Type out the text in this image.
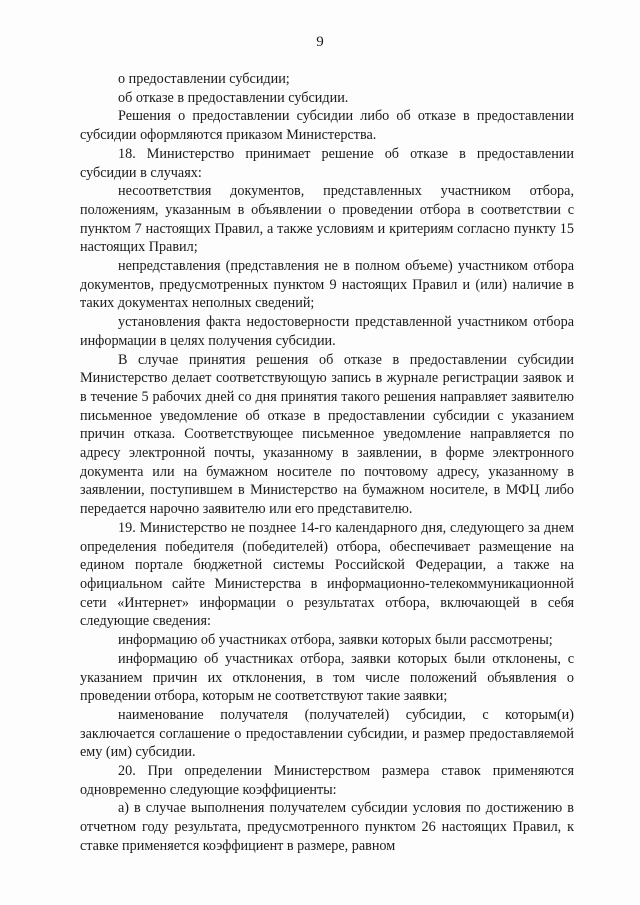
9

о предоставлении субсидии;

об отказе в предоставлении субсидии.

Решения о предоставлении субсидии либо об отказе в предоставлении субсидии оформляются приказом Министерства.

18. Министерство принимает решение об отказе в предоставлении субсидии в случаях:

несоответствия документов, представленных участником отбора, положениям, указанным в объявлении о проведении отбора в соответствии с пунктом 7 настоящих Правил, а также условиям и критериям согласно пункту 15 настоящих Правил;

непредставления (представления не в полном объеме) участником отбора документов, предусмотренных пунктом 9 настоящих Правил и (или) наличие в таких документах неполных сведений;

установления факта недостоверности представленной участником отбора информации в целях получения субсидии.

В случае принятия решения об отказе в предоставлении субсидии Министерство делает соответствующую запись в журнале регистрации заявок и в течение 5 рабочих дней со дня принятия такого решения направляет заявителю письменное уведомление об отказе в предоставлении субсидии с указанием причин отказа. Соответствующее письменное уведомление направляется по адресу электронной почты, указанному в заявлении, в форме электронного документа или на бумажном носителе по почтовому адресу, указанному в заявлении, поступившем в Министерство на бумажном носителе, в МФЦ либо передается нарочно заявителю или его представителю.

19. Министерство не позднее 14-го календарного дня, следующего за днем определения победителя (победителей) отбора, обеспечивает размещение на едином портале бюджетной системы Российской Федерации, а также на официальном сайте Министерства в информационно-телекоммуникационной сети «Интернет» информации о результатах отбора, включающей в себя следующие сведения:

информацию об участниках отбора, заявки которых были рассмотрены;

информацию об участниках отбора, заявки которых были отклонены, с указанием причин их отклонения, в том числе положений объявления о проведении отбора, которым не соответствуют такие заявки;

наименование получателя (получателей) субсидии, с которым(и) заключается соглашение о предоставлении субсидии, и размер предоставляемой ему (им) субсидии.

20. При определении Министерством размера ставок применяются одновременно следующие коэффициенты:

а) в случае выполнения получателем субсидии условия по достижению в отчетном году результата, предусмотренного пунктом 26 настоящих Правил, к ставке применяется коэффициент в размере, равном
